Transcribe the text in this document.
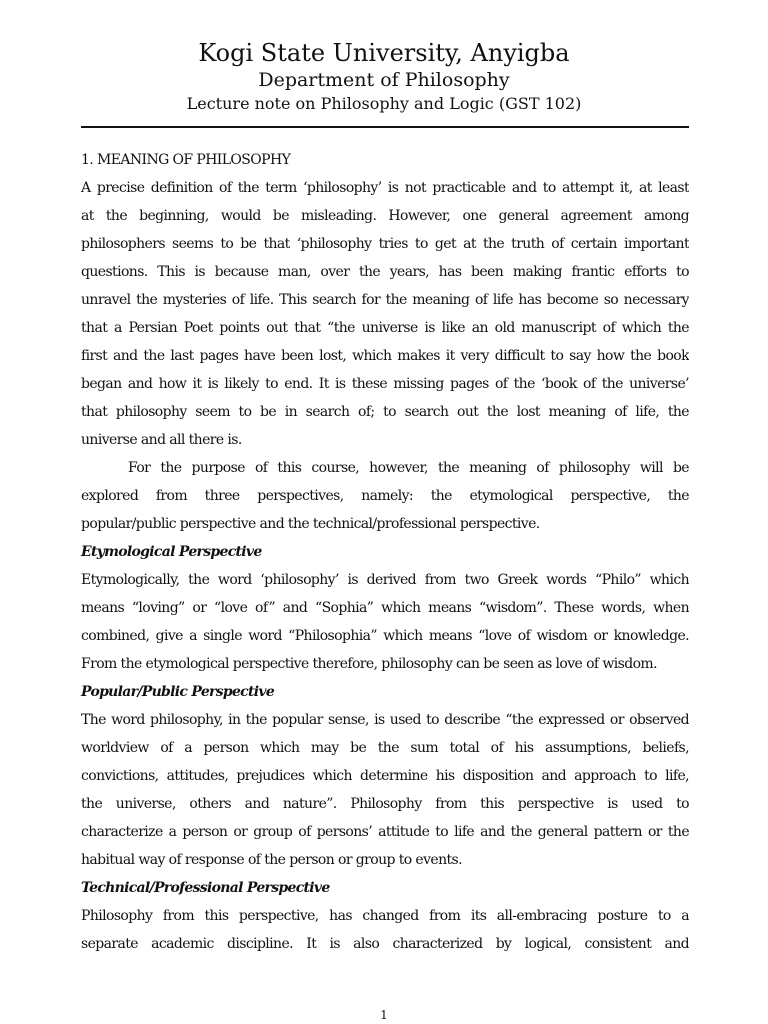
Kogi State University, Anyigba
Department of Philosophy
Lecture note on Philosophy and Logic (GST 102)
1. MEANING OF PHILOSOPHY
A precise definition of the term ‘philosophy’ is not practicable and to attempt it, at least
at the beginning, would be misleading. However, one general agreement among
philosophers seems to be that ‘philosophy tries to get at the truth of certain important
questions. This is because man, over the years, has been making frantic efforts to
unravel the mysteries of life. This search for the meaning of life has become so necessary
that a Persian Poet points out that “the universe is like an old manuscript of which the
first and the last pages have been lost, which makes it very difficult to say how the book
began and how it is likely to end. It is these missing pages of the ‘book of the universe’
that philosophy seem to be in search of; to search out the lost meaning of life, the
universe and all there is.
For the purpose of this course, however, the meaning of philosophy will be
explored from three perspectives, namely: the etymological perspective, the
popular/public perspective and the technical/professional perspective.
Etymological Perspective
Etymologically, the word ‘philosophy’ is derived from two Greek words “Philo” which
means “loving” or “love of” and “Sophia” which means “wisdom”. These words, when
combined, give a single word “Philosophia” which means “love of wisdom or knowledge.
From the etymological perspective therefore, philosophy can be seen as love of wisdom.
Popular/Public Perspective
The word philosophy, in the popular sense, is used to describe “the expressed or observed
worldview of a person which may be the sum total of his assumptions, beliefs,
convictions, attitudes, prejudices which determine his disposition and approach to life,
the universe, others and nature”. Philosophy from this perspective is used to
characterize a person or group of persons’ attitude to life and the general pattern or the
habitual way of response of the person or group to events.
Technical/Professional Perspective
Philosophy from this perspective, has changed from its all-embracing posture to a
separate academic discipline. It is also characterized by logical, consistent and
1
